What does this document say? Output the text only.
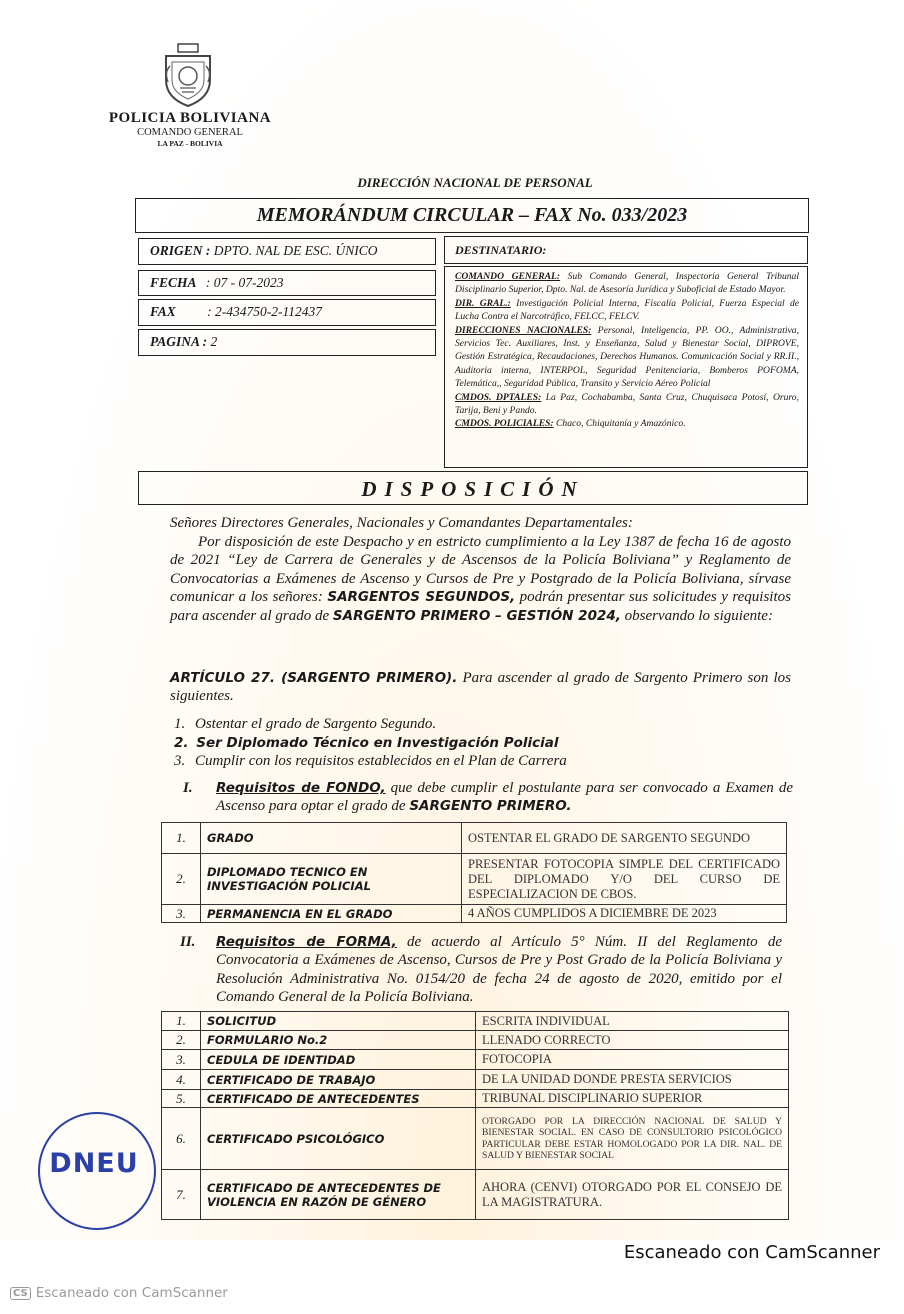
POLICIA BOLIVIANA
COMANDO GENERAL
LA PAZ - BOLIVIA
DIRECCIÓN NACIONAL DE PERSONAL
MEMORÁNDUM CIRCULAR – FAX No. 033/2023
ORIGEN : DPTO. NAL DE ESC. ÚNICO
FECHA : 07 - 07-2023
FAX : 2-434750-2-112437
PAGINA : 2
DESTINATARIO:
COMANDO GENERAL: Sub Comando General, Inspectoría General Tribunal Disciplinario Superior, Dpto. Nal. de Asesoría Jurídica y Suboficial de Estado Mayor.
DIR. GRAL.: Investigación Policial Interna, Fiscalía Policial, Fuerza Especial de Lucha Contra el Narcotráfico, FELCC, FELCV.
DIRECCIONES NACIONALES: Personal, Inteligencia, PP. OO., Administrativa, Servicios Tec. Auxiliares, Inst. y Enseñanza, Salud y Bienestar Social, DIPROVE, Gestión Estratégica, Recaudaciones, Derechos Humanos. Comunicación Social y RR.II., Auditoria interna, INTERPOL, Seguridad Penitenciaria, Bomberos POFOMA, Telemática,, Seguridad Pública, Transito y Servicio Aéreo Policial
CMDOS. DPTALES: La Paz, Cochabamba, Santa Cruz, Chuquisaca Potosí, Oruro, Tarija, Beni y Pando.
CMDOS. POLICIALES: Chaco, Chiquitanía y Amazónico.
DISPOSICIÓN
Señores Directores Generales, Nacionales y Comandantes Departamentales:
Por disposición de este Despacho y en estricto cumplimiento a la Ley 1387 de fecha 16 de agosto de 2021 “Ley de Carrera de Generales y de Ascensos de la Policía Boliviana” y Reglamento de Convocatorias a Exámenes de Ascenso y Cursos de Pre y Postgrado de la Policía Boliviana, sírvase comunicar a los señores: SARGENTOS SEGUNDOS, podrán presentar sus solicitudes y requisitos para ascender al grado de SARGENTO PRIMERO – GESTIÓN 2024, observando lo siguiente:
ARTÍCULO 27. (SARGENTO PRIMERO). Para ascender al grado de Sargento Primero son los siguientes.
1. Ostentar el grado de Sargento Segundo.
2. Ser Diplomado Técnico en Investigación Policial
3. Cumplir con los requisitos establecidos en el Plan de Carrera
I. Requisitos de FONDO, que debe cumplir el postulante para ser convocado a Examen de Ascenso para optar el grado de SARGENTO PRIMERO.
1.	GRADO	OSTENTAR EL GRADO DE SARGENTO SEGUNDO
2.	DIPLOMADO TECNICO EN INVESTIGACIÓN POLICIAL	PRESENTAR FOTOCOPIA SIMPLE DEL CERTIFICADO DEL DIPLOMADO Y/O DEL CURSO DE ESPECIALIZACION DE CBOS.
3.	PERMANENCIA EN EL GRADO	4 AÑOS CUMPLIDOS A DICIEMBRE DE 2023
II. Requisitos de FORMA, de acuerdo al Artículo 5° Núm. II del Reglamento de Convocatoria a Exámenes de Ascenso, Cursos de Pre y Post Grado de la Policía Boliviana y Resolución Administrativa No. 0154/20 de fecha 24 de agosto de 2020, emitido por el Comando General de la Policía Boliviana.
1.	SOLICITUD	ESCRITA INDIVIDUAL
2.	FORMULARIO No.2	LLENADO CORRECTO
3.	CEDULA DE IDENTIDAD	FOTOCOPIA
4.	CERTIFICADO DE TRABAJO	DE LA UNIDAD DONDE PRESTA SERVICIOS
5.	CERTIFICADO DE ANTECEDENTES	TRIBUNAL DISCIPLINARIO SUPERIOR
6.	CERTIFICADO PSICOLÓGICO	OTORGADO POR LA DIRECCIÓN NACIONAL DE SALUD Y BIENESTAR SOCIAL. EN CASO DE CONSULTORIO PSICOLÓGICO PARTICULAR DEBE ESTAR HOMOLOGADO POR LA DIR. NAL. DE SALUD Y BIENESTAR SOCIAL
7.	CERTIFICADO DE ANTECEDENTES DE VIOLENCIA EN RAZÓN DE GÉNERO	AHORA (CENVI) OTORGADO POR EL CONSEJO DE LA MAGISTRATURA.
DNEU
Escaneado con CamScanner
CS Escaneado con CamScanner
